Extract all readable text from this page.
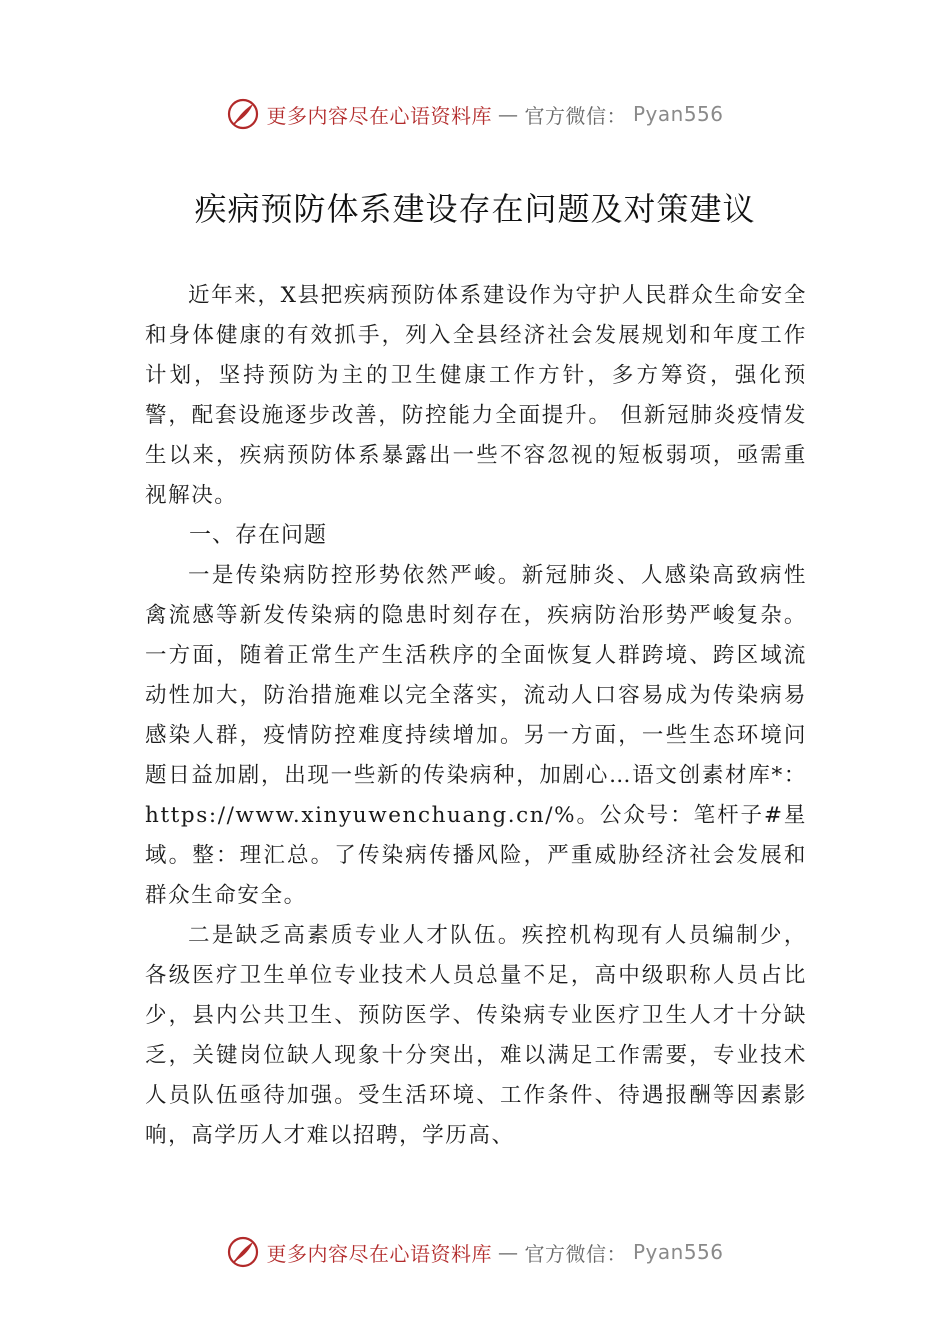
更多内容尽在心语资料库 — 官方微信： Pyan556
疾病预防体系建设存在问题及对策建议

近年来，X县把疾病预防体系建设作为守护人民群众生命安全和身体健康的有效抓手，列入全县经济社会发展规划和年度工作计划，坚持预防为主的卫生健康工作方针，多方筹资，强化预警，配套设施逐步改善，防控能力全面提升。 但新冠肺炎疫情发生以来，疾病预防体系暴露出一些不容忽视的短板弱项，亟需重视解决。

一、存在问题

一是传染病防控形势依然严峻。新冠肺炎、人感染高致病性禽流感等新发传染病的隐患时刻存在，疾病防治形势严峻复杂。一方面，随着正常生产生活秩序的全面恢复人群跨境、跨区域流动性加大，防治措施难以完全落实，流动人口容易成为传染病易感染人群，疫情防控难度持续增加。另一方面，一些生态环境问题日益加剧，出现一些新的传染病种，加剧心…语文创素材库*：https://www.xinyuwenchuang.cn/%。公众号：笔杆子#星域。整：理汇总。了传染病传播风险，严重威胁经济社会发展和群众生命安全。

二是缺乏高素质专业人才队伍。疾控机构现有人员编制少，各级医疗卫生单位专业技术人员总量不足，高中级职称人员占比少，县内公共卫生、预防医学、传染病专业医疗卫生人才十分缺乏，关键岗位缺人现象十分突出，难以满足工作需要，专业技术人员队伍亟待加强。受生活环境、工作条件、待遇报酬等因素影响，高学历人才难以招聘，学历高、

更多内容尽在心语资料库 — 官方微信： Pyan556
